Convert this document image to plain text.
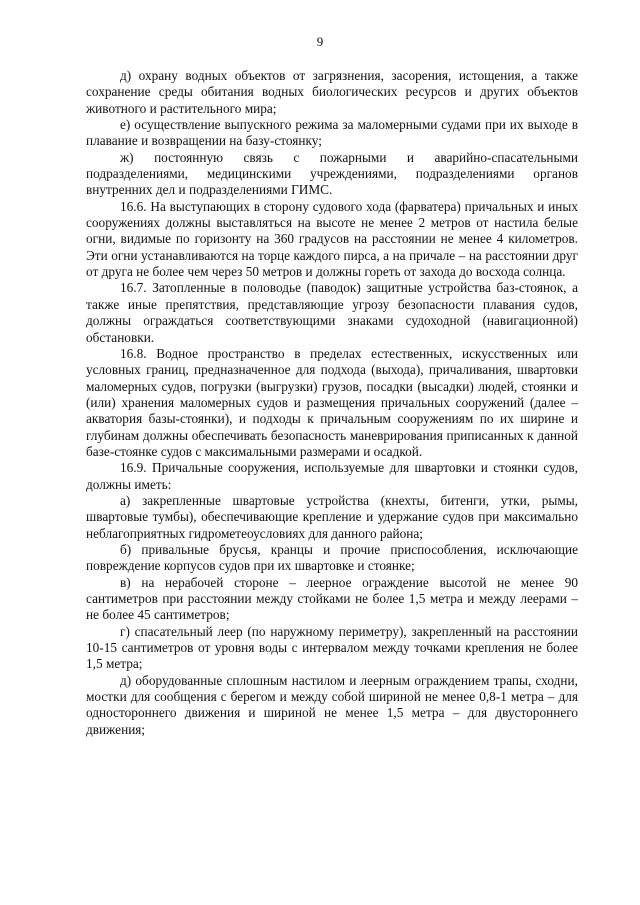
9

д) охрану водных объектов от загрязнения, засорения, истощения, а также сохранение среды обитания водных биологических ресурсов и других объектов животного и растительного мира;

е) осуществление выпускного режима за маломерными судами при их выходе в плавание и возвращении на базу-стоянку;

ж) постоянную связь с пожарными и аварийно-спасательными подразделениями, медицинскими учреждениями, подразделениями органов внутренних дел и подразделениями ГИМС.

16.6. На выступающих в сторону судового хода (фарватера) причальных и иных сооружениях должны выставляться на высоте не менее 2 метров от настила белые огни, видимые по горизонту на 360 градусов на расстоянии не менее 4 километров. Эти огни устанавливаются на торце каждого пирса, а на причале – на расстоянии друг от друга не более чем через 50 метров и должны гореть от захода до восхода солнца.

16.7. Затопленные в половодье (паводок) защитные устройства баз-стоянок, а также иные препятствия, представляющие угрозу безопасности плавания судов, должны ограждаться соответствующими знаками судоходной (навигационной) обстановки.

16.8. Водное пространство в пределах естественных, искусственных или условных границ, предназначенное для подхода (выхода), причаливания, швартовки маломерных судов, погрузки (выгрузки) грузов, посадки (высадки) людей, стоянки и (или) хранения маломерных судов и размещения причальных сооружений (далее – акватория базы-стоянки), и подходы к причальным сооружениям по их ширине и глубинам должны обеспечивать безопасность маневрирования приписанных к данной базе-стоянке судов с максимальными размерами и осадкой.

16.9. Причальные сооружения, используемые для швартовки и стоянки судов, должны иметь:

а) закрепленные швартовые устройства (кнехты, битенги, утки, рымы, швартовые тумбы), обеспечивающие крепление и удержание судов при максимально неблагоприятных гидрометеоусловиях для данного района;

б) привальные брусья, кранцы и прочие приспособления, исключающие повреждение корпусов судов при их швартовке и стоянке;

в) на нерабочей стороне – леерное ограждение высотой не менее 90 сантиметров при расстоянии между стойками не более 1,5 метра и между леерами – не более 45 сантиметров;

г) спасательный леер (по наружному периметру), закрепленный на расстоянии 10-15 сантиметров от уровня воды с интервалом между точками крепления не более 1,5 метра;

д) оборудованные сплошным настилом и леерным ограждением трапы, сходни, мостки для сообщения с берегом и между собой шириной не менее 0,8-1 метра – для одностороннего движения и шириной не менее 1,5 метра – для двустороннего движения;
